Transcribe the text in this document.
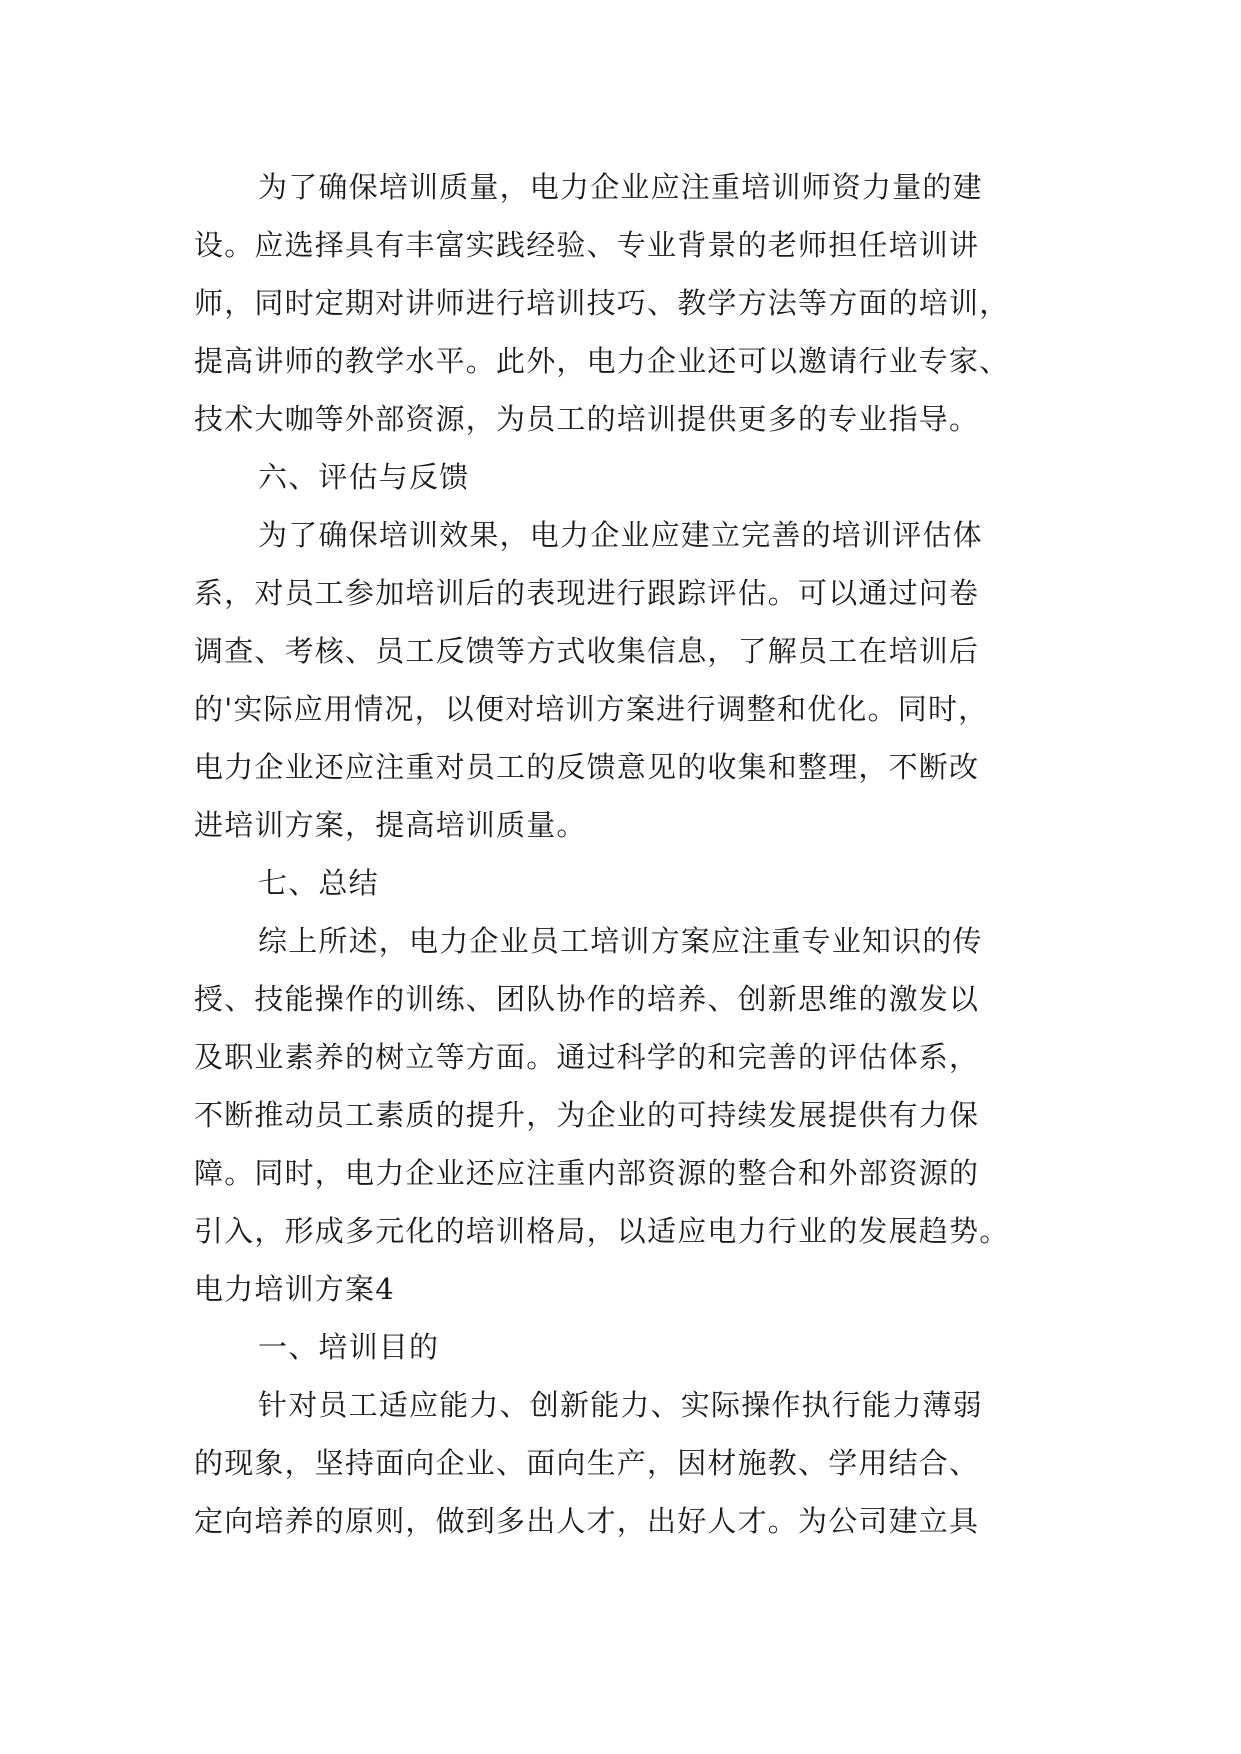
为了确保培训质量，电力企业应注重培训师资力量的建
设。应选择具有丰富实践经验、专业背景的老师担任培训讲
师，同时定期对讲师进行培训技巧、教学方法等方面的培训，
提高讲师的教学水平。此外，电力企业还可以邀请行业专家、
技术大咖等外部资源，为员工的培训提供更多的专业指导。
六、评估与反馈
为了确保培训效果，电力企业应建立完善的培训评估体
系，对员工参加培训后的表现进行跟踪评估。可以通过问卷
调查、考核、员工反馈等方式收集信息，了解员工在培训后
的'实际应用情况，以便对培训方案进行调整和优化。同时，
电力企业还应注重对员工的反馈意见的收集和整理，不断改
进培训方案，提高培训质量。
七、总结
综上所述，电力企业员工培训方案应注重专业知识的传
授、技能操作的训练、团队协作的培养、创新思维的激发以
及职业素养的树立等方面。通过科学的和完善的评估体系，
不断推动员工素质的提升，为企业的可持续发展提供有力保
障。同时，电力企业还应注重内部资源的整合和外部资源的
引入，形成多元化的培训格局，以适应电力行业的发展趋势。
电力培训方案4
一、培训目的
针对员工适应能力、创新能力、实际操作执行能力薄弱
的现象，坚持面向企业、面向生产，因材施教、学用结合、
定向培养的原则，做到多出人才，出好人才。为公司建立具
